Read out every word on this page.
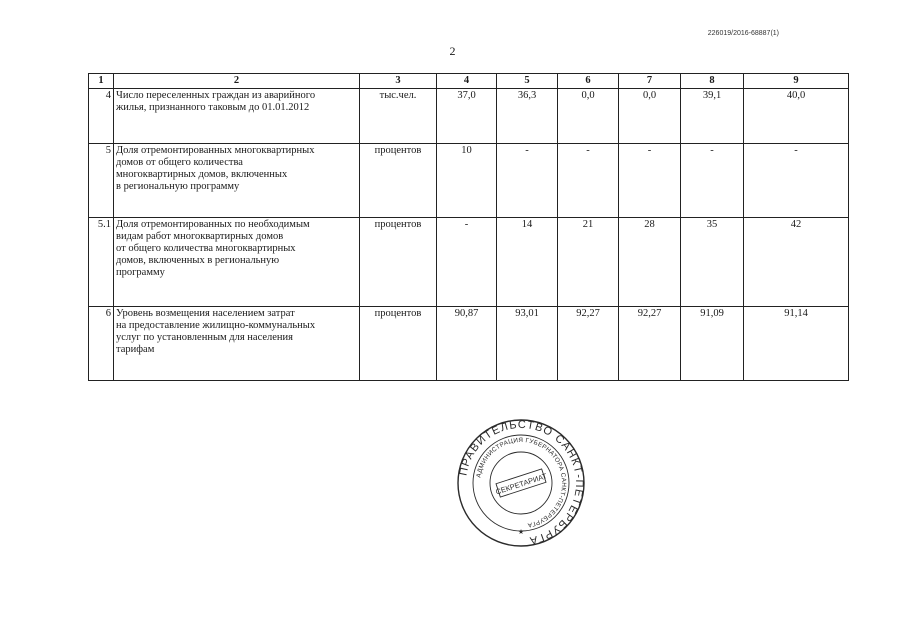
226019/2016-68887(1)
2
1	2	3	4	5	6	7	8	9
4	Число переселенных граждан из аварийного
жилья, признанного таковым до 01.01.2012	тыс.чел.	37,0	36,3	0,0	0,0	39,1	40,0
5	Доля отремонтированных многоквартирных
домов от общего количества
многоквартирных домов, включенных
в региональную программу	процентов	10	-	-	-	-	-
5.1	Доля отремонтированных по необходимым
видам работ многоквартирных домов
от общего количества многоквартирных
домов, включенных в региональную
программу	процентов	-	14	21	28	35	42
6	Уровень возмещения населением затрат
на предоставление жилищно-коммунальных
услуг по установленным для населения
тарифам	процентов	90,87	93,01	92,27	92,27	91,09	91,14
ПРАВИТЕЛЬСТВО САНКТ-ПЕТЕРБУРГА
АДМИНИСТРАЦИЯ ГУБЕРНАТОРА САНКТ-ПЕТЕРБУРГА
СЕКРЕТАРИАТ
★
